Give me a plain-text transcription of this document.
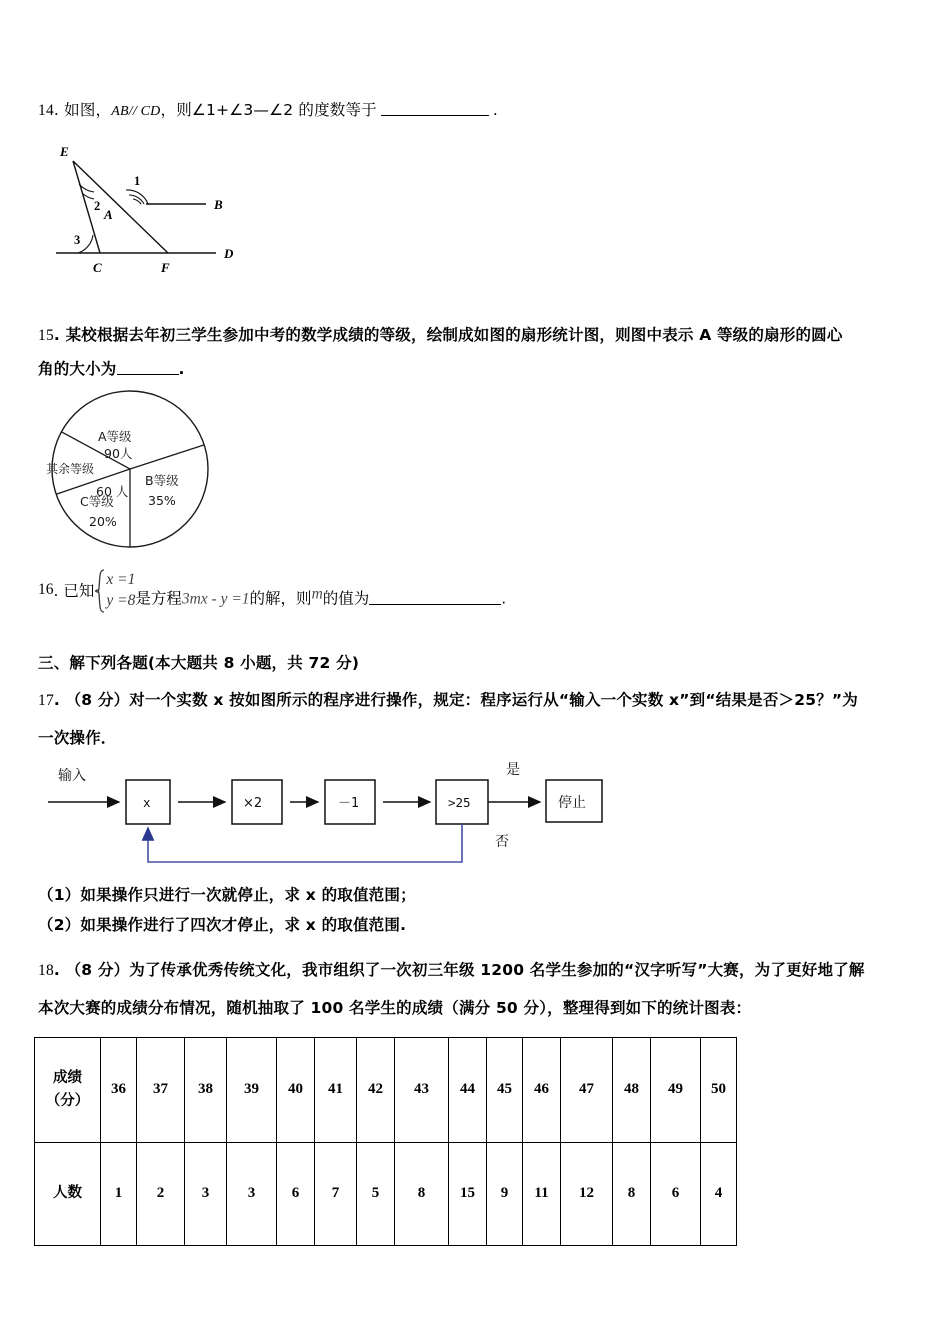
14. 如图，AB// CD，则∠1+∠3—∠2 的度数等于	.
E
B
C
D
F
A
1
2
3
15. 某校根据去年初三学生参加中考的数学成绩的等级，绘制成如图的扇形统计图，则图中表示 A 等级的扇形的圆心
角的大小为	.
A等级
90人
B等级
35%
C等级
20%
其余等级
60 人
16. 已知
x =1
y =8 是方程3mx - y =1的解，则m的值为	.
三、解下列各题(本大题共 8 小题，共 72 分)
17. （8 分）对一个实数 x 按如图所示的程序进行操作，规定：程序运行从“输入一个实数 x”到“结果是否＞25？”为
一次操作．
输入
x	×2	－1	>25
是
停止
否
（1）如果操作只进行一次就停止，求 x 的取值范围；
（2）如果操作进行了四次才停止，求 x 的取值范围.
18. （8 分）为了传承优秀传统文化，我市组织了一次初三年级 1200 名学生参加的“汉字听写”大赛，为了更好地了解
本次大赛的成绩分布情况，随机抽取了 100 名学生的成绩（满分 50 分），整理得到如下的统计图表：
成绩（分）	36	37	38	39	40	41	42	43	44	45	46	47	48	49	50
人数	1	2	3	3	6	7	5	8	15	9	11	12	8	6	4
